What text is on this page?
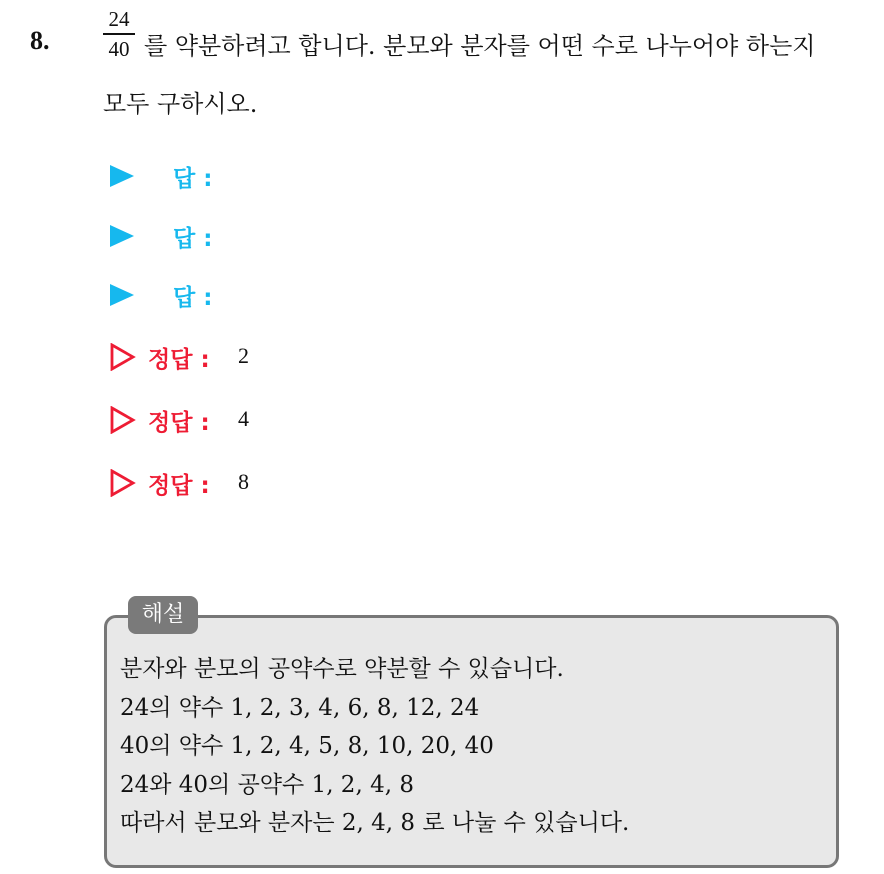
8.
24
40 를 약분하려고 합니다. 분모와 분자를 어떤 수로 나누어야 하는지
모두 구하시오.
답 :
답 :
답 :
정답 : 2
정답 : 4
정답 : 8
해설
분자와 분모의 공약수로 약분할 수 있습니다.
24의 약수 1, 2, 3, 4, 6, 8, 12, 24
40의 약수 1, 2, 4, 5, 8, 10, 20, 40
24와 40의 공약수 1, 2, 4, 8
따라서 분모와 분자는 2, 4, 8 로 나눌 수 있습니다.
